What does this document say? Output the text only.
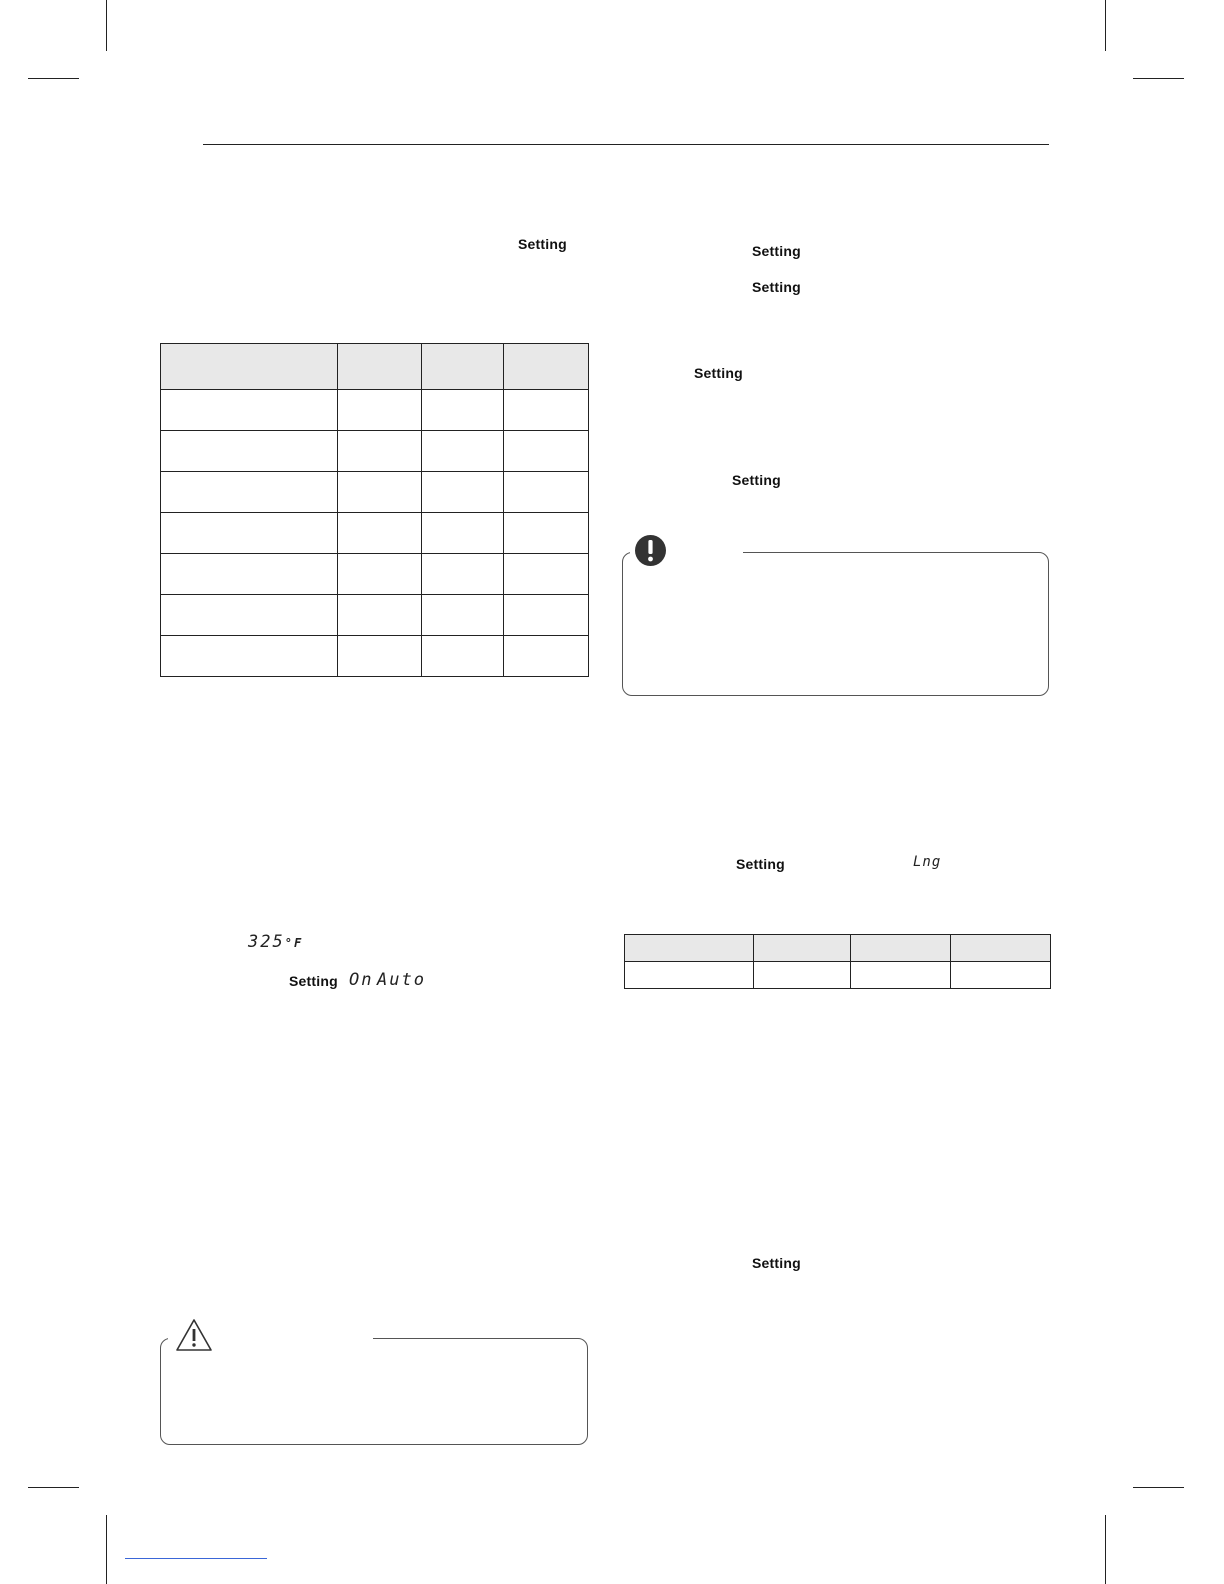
Setting

325°F
Setting On Auto
Setting
Setting
Setting
Setting
Setting	Lng

Setting
